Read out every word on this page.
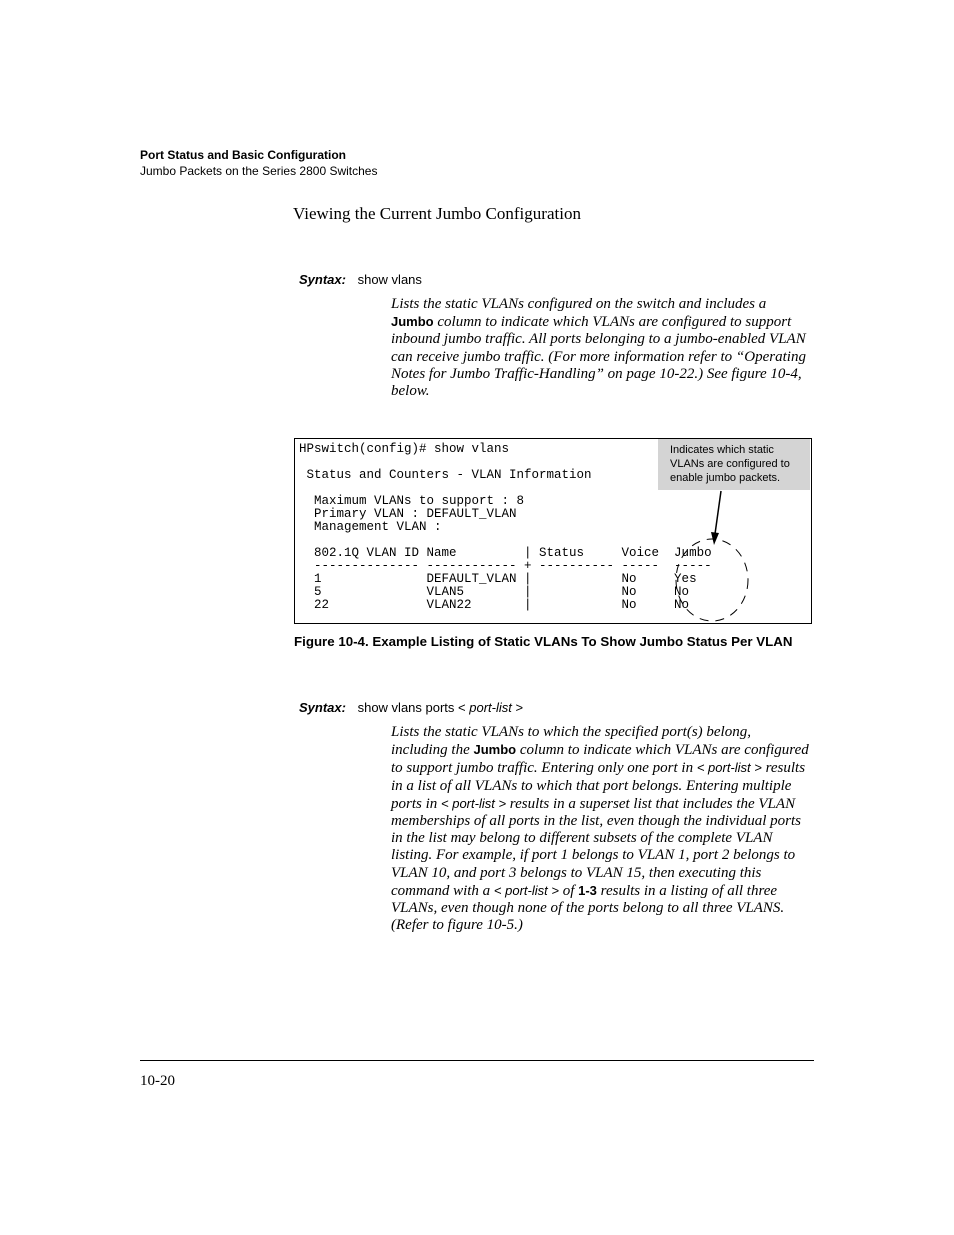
Port Status and Basic Configuration
Jumbo Packets on the Series 2800 Switches
Viewing the Current Jumbo Configuration
Syntax: show vlans
Lists the static VLANs configured on the switch and includes a Jumbo column to indicate which VLANs are configured to support inbound jumbo traffic. All ports belonging to a jumbo-enabled VLAN can receive jumbo traffic. (For more information refer to “Operating Notes for Jumbo Traffic-Handling” on page 10-22.) See figure 10-4, below.

HPswitch(config)# show vlans

Status and Counters - VLAN Information

Maximum VLANs to support : 8

Primary VLAN : DEFAULT_VLAN

Management VLAN :

802.1Q VLAN ID Name         | Status     Voice  Jumbo

-------------- ------------ + ---------- -----  -----

1              DEFAULT_VLAN |            No     Yes

5              VLAN5        |            No     No

22             VLAN22       |            No     No

Indicates which static VLANs are configured to enable jumbo packets.
Figure 10-4. Example Listing of Static VLANs To Show Jumbo Status Per VLAN
Syntax: show vlans ports < port-list >
Lists the static VLANs to which the specified port(s) belong, including the Jumbo column to indicate which VLANs are configured to support jumbo traffic. Entering only one port in < port-list > results in a list of all VLANs to which that port belongs. Entering multiple ports in < port-list > results in a superset list that includes the VLAN memberships of all ports in the list, even though the individual ports in the list may belong to different subsets of the complete VLAN listing. For example, if port 1 belongs to VLAN 1, port 2 belongs to VLAN 10, and port 3 belongs to VLAN 15, then executing this command with a < port-list > of 1-3 results in a listing of all three VLANs, even though none of the ports belong to all three VLANS. (Refer to figure 10-5.)
10-20
